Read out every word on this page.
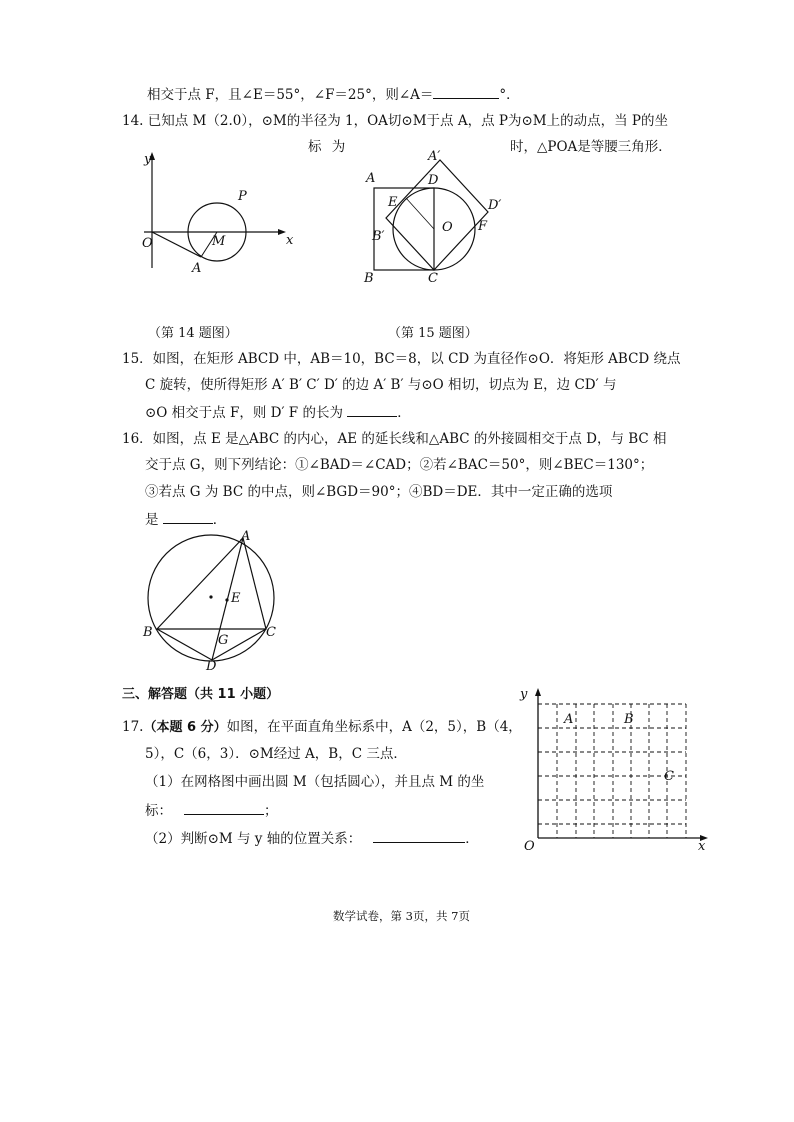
相交于点 F，且∠E＝55°，∠F＝25°，则∠A＝	°．
14. 已知点 M（2.0），⊙M的半径为 1，OA切⊙M于点 A，点 P为⊙M上的动点，当 P的坐
标 为	时，△POA是等腰三角形．
y
x
O	M
A
P
A′
A	D
D′
E
O F
B′
B	C
（第 14 题图）	（第 15 题图）
15．如图，在矩形 ABCD 中，AB＝10，BC＝8，以 CD 为直径作⊙O．将矩形 ABCD 绕点
C 旋转，使所得矩形 A′ B′ C′ D′ 的边 A′ B′ 与⊙O 相切，切点为 E，边 CD′ 与
⊙O 相交于点 F，则 D′ F 的长为	．
16．如图，点 E 是△ABC 的内心，AE 的延长线和△ABC 的外接圆相交于点 D，与 BC 相
交于点 G，则下列结论：①∠BAD＝∠CAD；②若∠BAC＝50°，则∠BEC＝130°；
③若点 G 为 BC 的中点，则∠BGD＝90°；④BD＝DE．其中一定正确的选项
是	．
A
E
B	C
G
D
三、解答题（共 11 小题）
17.（本题 6 分）如图，在平面直角坐标系中，A（2，5），B（4，
5），C（6，3）．⊙M经过 A，B，C 三点．
（1）在网格图中画出圆 M（包括圆心），并且点 M 的坐
标：	；
（2）判断⊙M 与 y 轴的位置关系：	．
y
x
O
A	B
C
数学试卷，第 3页，共 7页
